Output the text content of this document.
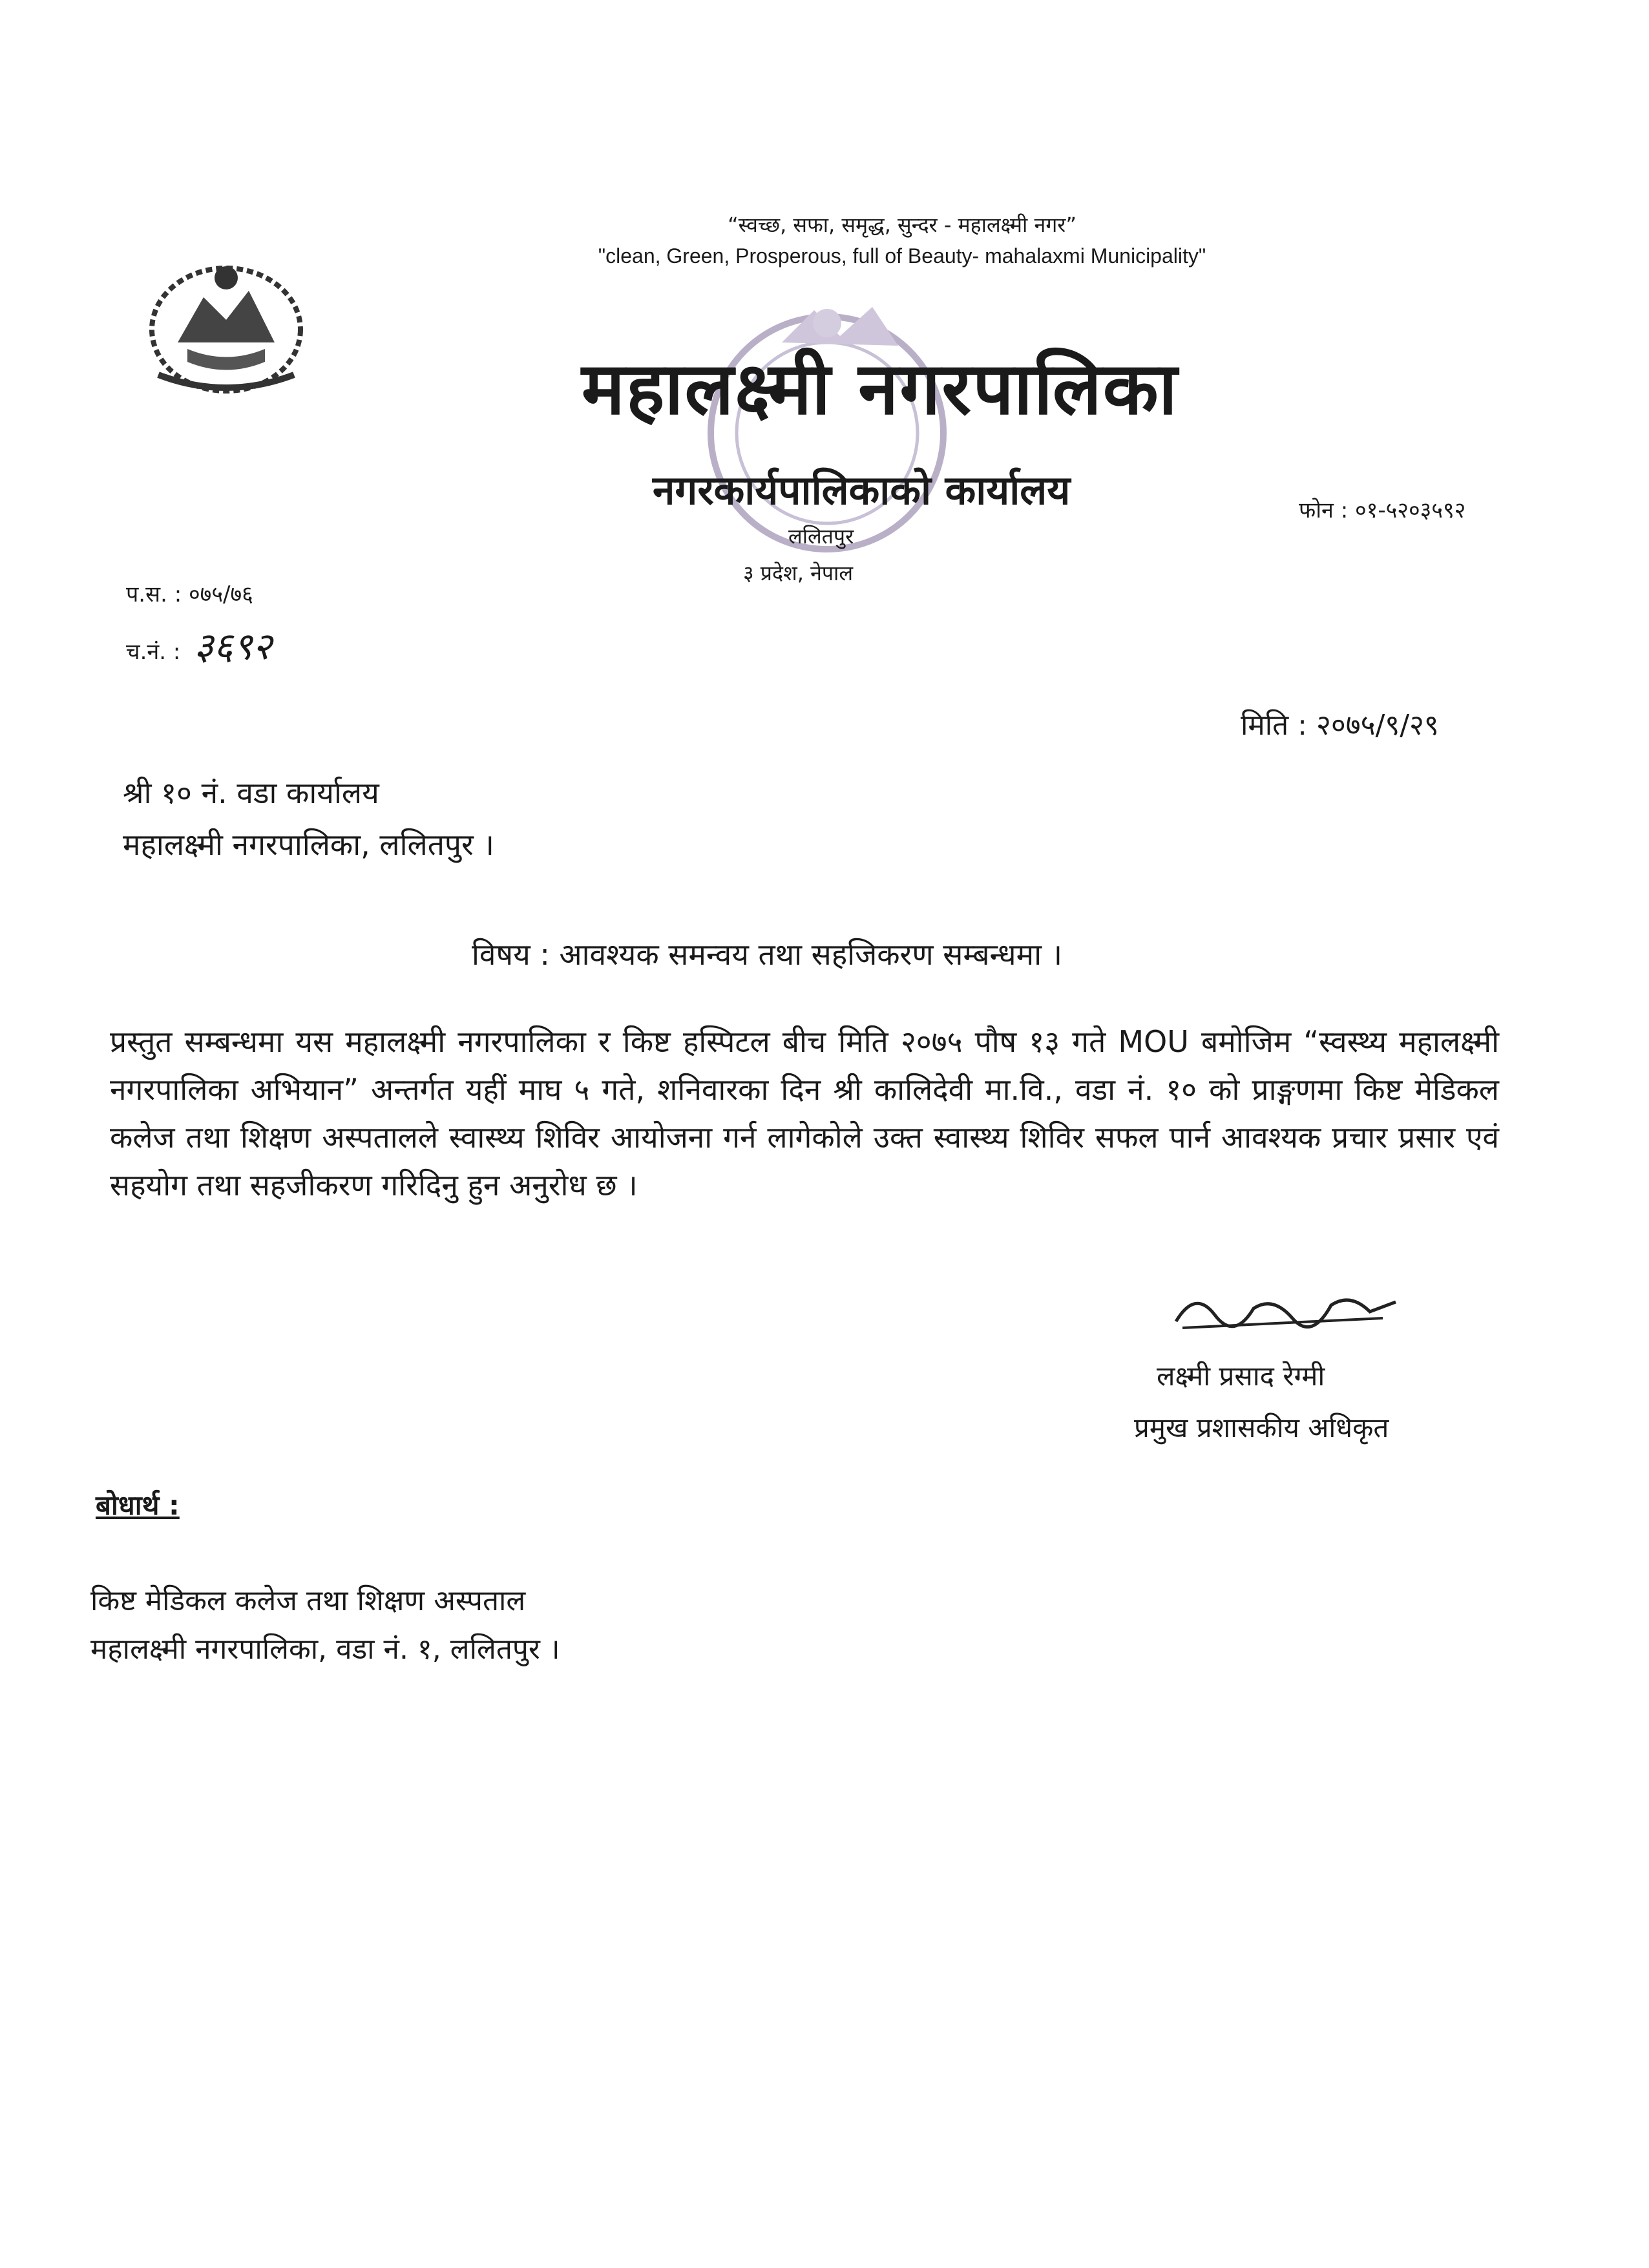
“स्वच्छ, सफा, समृद्ध, सुन्दर - महालक्ष्मी नगर”
"clean, Green, Prosperous, full of Beauty- mahalaxmi Municipality"
महालक्ष्मी नगरपालिका
नगरकार्यपालिकाको कार्यालय
ललितपुर
३ प्रदेश, नेपाल
फोन : ०१-५२०३५९२
प.स. : ०७५/७६
च.नं. : ३६९२
मिति : २०७५/९/२९
श्री १० नं. वडा कार्यालय
महालक्ष्मी नगरपालिका, ललितपुर ।
विषय : आवश्यक समन्वय तथा सहजिकरण सम्बन्धमा ।
प्रस्तुत सम्बन्धमा यस महालक्ष्मी नगरपालिका र किष्ट हस्पिटल बीच मिति २०७५ पौष १३ गते MOU बमोजिम “स्वस्थ्य महालक्ष्मी नगरपालिका अभियान” अन्तर्गत यहीं माघ ५ गते, शनिवारका दिन श्री कालिदेवी मा.वि., वडा नं. १० को प्राङ्गणमा किष्ट मेडिकल कलेज तथा शिक्षण अस्पतालले स्वास्थ्य शिविर आयोजना गर्न लागेकोले उक्त स्वास्थ्य शिविर सफल पार्न आवश्यक प्रचार प्रसार एवं सहयोग तथा सहजीकरण गरिदिनु हुन अनुरोध छ ।
लक्ष्मी प्रसाद रेग्मी
प्रमुख प्रशासकीय अधिकृत
बोधार्थ :
किष्ट मेडिकल कलेज तथा शिक्षण अस्पताल
महालक्ष्मी नगरपालिका, वडा नं. १, ललितपुर ।
